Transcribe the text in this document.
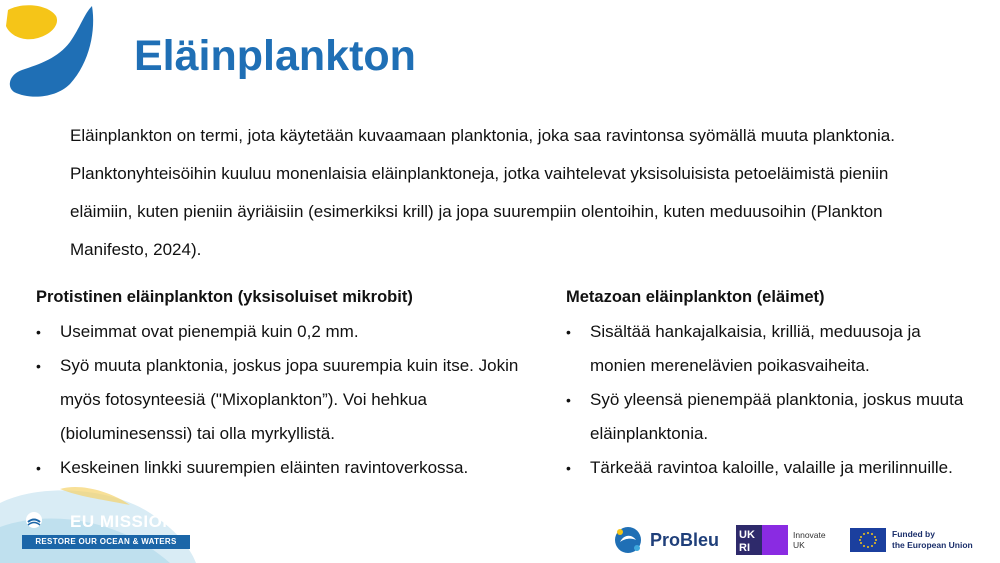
Eläinplankton

Eläinplankton on termi, jota käytetään kuvaamaan planktonia, joka saa ravintonsa syömällä muuta planktonia.

Planktonyhteisöihin kuuluu monenlaisia eläinplanktoneja, jotka vaihtelevat yksisoluisista petoeläimistä pieniin eläimiin, kuten pieniin äyriäisiin (esimerkiksi krill) ja jopa suurempiin olentoihin, kuten meduusoihin (Plankton Manifesto, 2024).

Protistinen eläinplankton (yksisoluiset mikrobit)
• Useimmat ovat pienempiä kuin 0,2 mm.
• Syö muuta planktonia, joskus jopa suurempia kuin itse. Jokin myös fotosynteesiä ("Mixoplankton”). Voi hehkua (bioluminesenssi) tai olla myrkyllistä.
• Keskeinen linkki suurempien eläinten ravintoverkossa.
Metazoan eläinplankton (eläimet)
• Sisältää hankajalkaisia, krilliä, meduusoja ja monien merenelävien poikasvaiheita.
• Syö yleensä pienempää planktonia, joskus muuta eläinplanktonia.
• Tärkeää ravintoa kaloille, valaille ja merilinnuille.
EU MISSIONS
RESTORE OUR OCEAN & WATERS	ProBleu UK
RI
Innovate
UK
Funded by
the European Union
